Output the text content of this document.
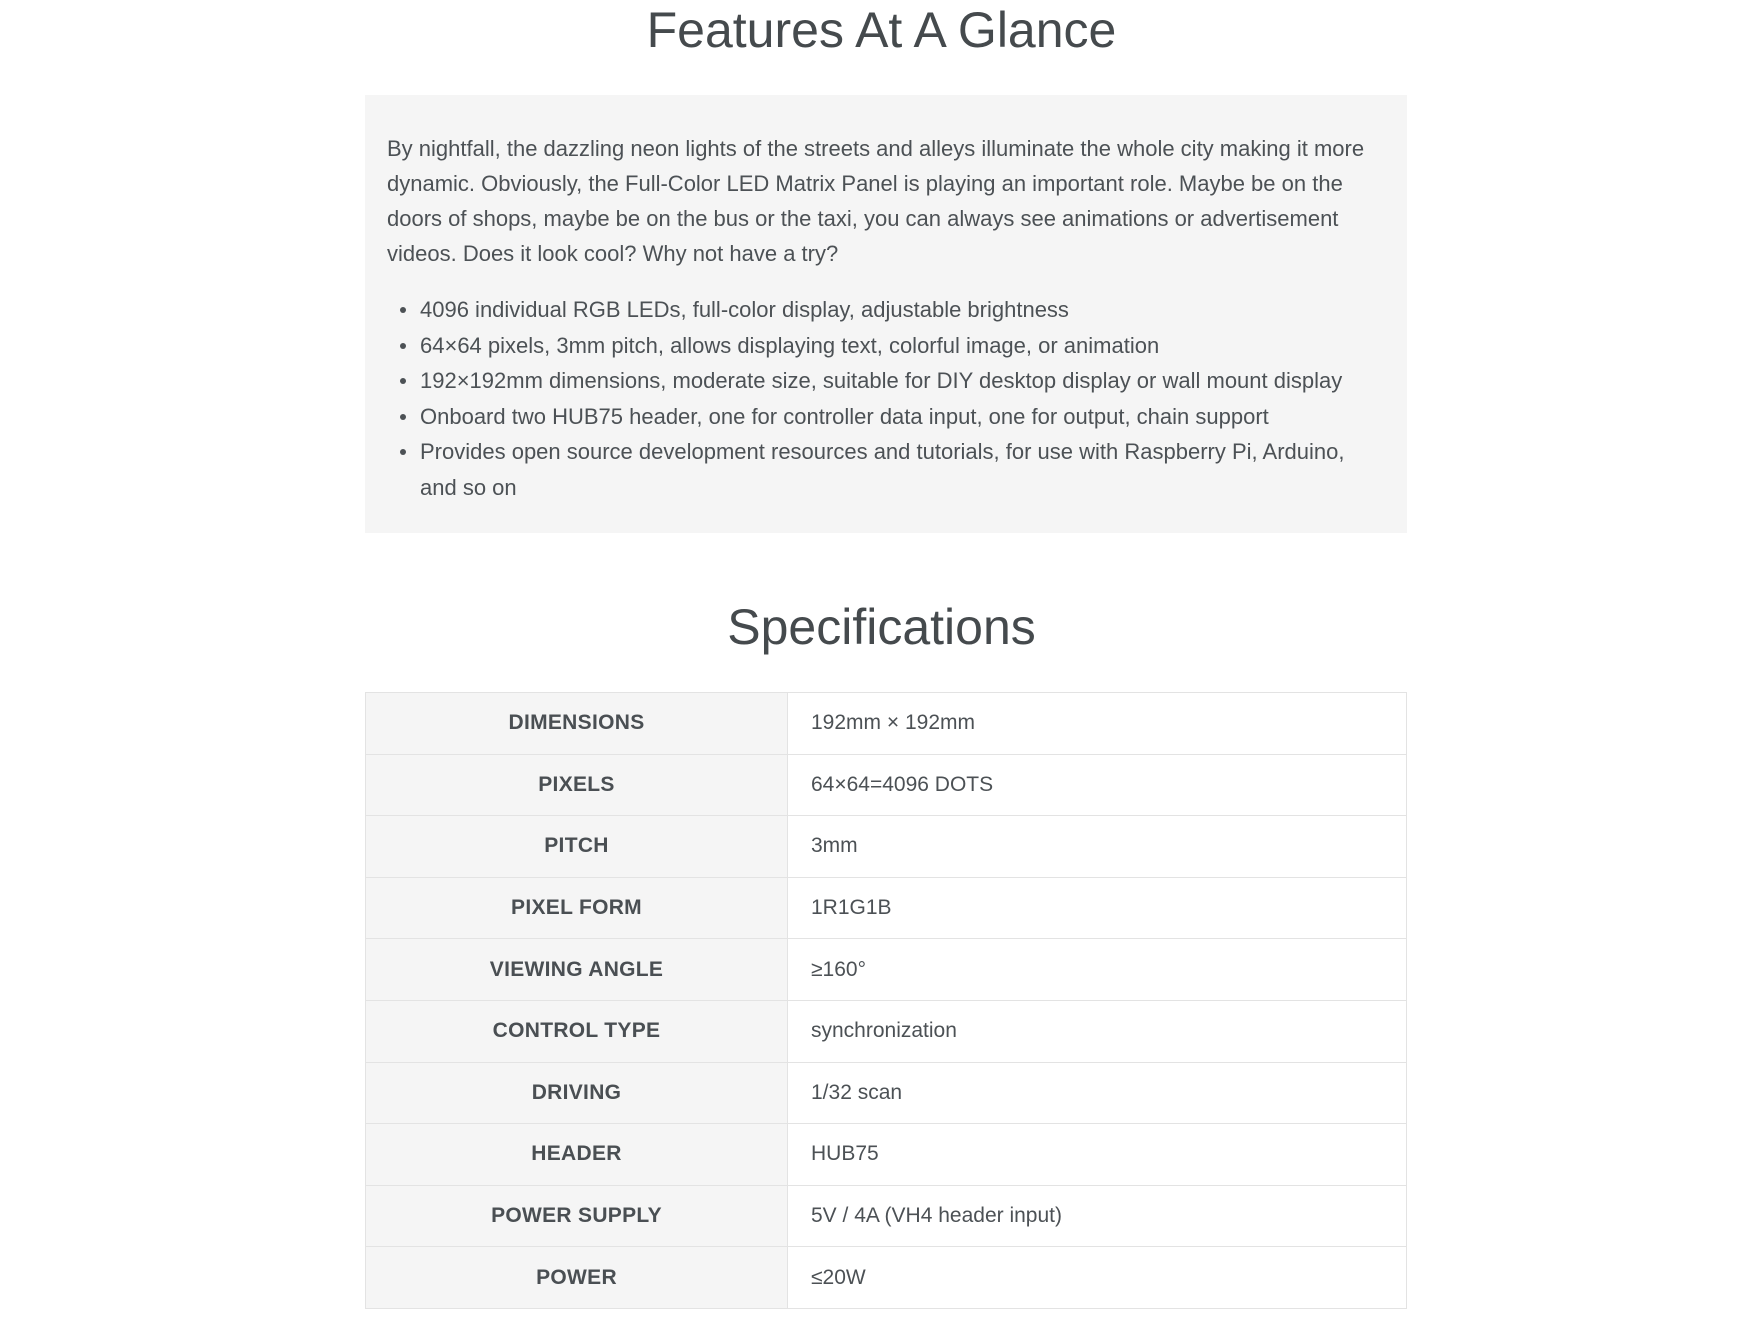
Features At A Glance

By nightfall, the dazzling neon lights of the streets and alleys illuminate the whole city making it more dynamic. Obviously, the Full-Color LED Matrix Panel is playing an important role. Maybe be on the doors of shops, maybe be on the bus or the taxi, you can always see animations or advertisement videos. Does it look cool? Why not have a try?

4096 individual RGB LEDs, full-color display, adjustable brightness
64×64 pixels, 3mm pitch, allows displaying text, colorful image, or animation
192×192mm dimensions, moderate size, suitable for DIY desktop display or wall mount display
Onboard two HUB75 header, one for controller data input, one for output, chain support
Provides open source development resources and tutorials, for use with Raspberry Pi, Arduino, and so on
Specifications
DIMENSIONS	192mm × 192mm
PIXELS	64×64=4096 DOTS
PITCH	3mm
PIXEL FORM	1R1G1B
VIEWING ANGLE	≥160°
CONTROL TYPE	synchronization
DRIVING	1/32 scan
HEADER	HUB75
POWER SUPPLY	5V / 4A (VH4 header input)
POWER	≤20W
